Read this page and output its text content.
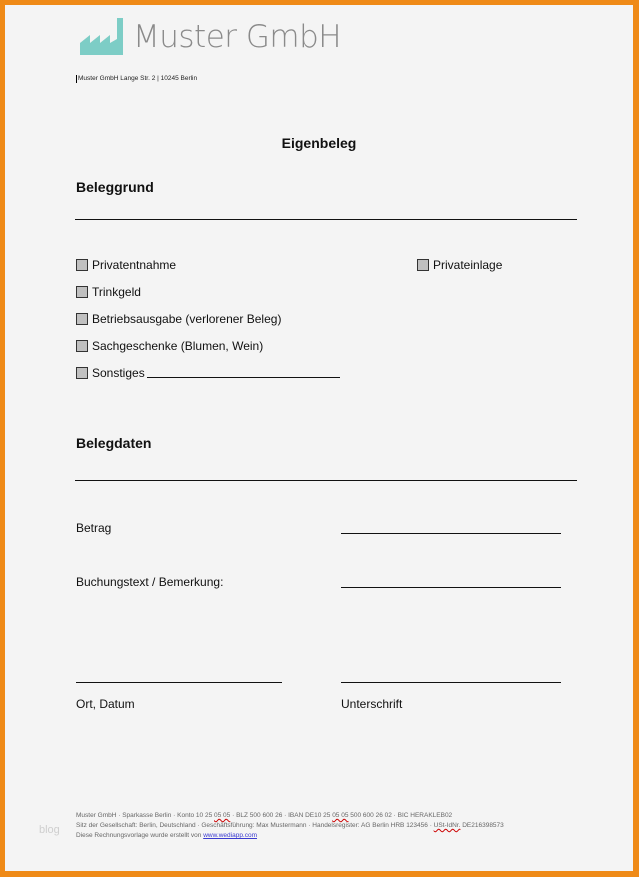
Muster GmbH
Muster GmbH Lange Str. 2 | 10245 Berlin
Eigenbeleg
Beleggrund
Privatentnahme
Trinkgeld
Betriebsausgabe (verlorener Beleg)
Sachgeschenke (Blumen, Wein)
Sonstiges
Privateinlage
Belegdaten
Betrag
Buchungstext / Bemerkung:
Ort, Datum	Unterschrift
blog
Muster GmbH · Sparkasse Berlin · Konto 10 25 05 05 · BLZ 500 600 26 · IBAN DE10 25 05 05 500 600 26 02 · BIC HERAKLEB02
Sitz der Gesellschaft: Berlin, Deutschland · Geschäftsführung: Max Mustermann · Handelsregister: AG Berlin HRB 123456 · USt-IdNr. DE216398573
Diese Rechnungsvorlage wurde erstellt von www.wediapp.com
